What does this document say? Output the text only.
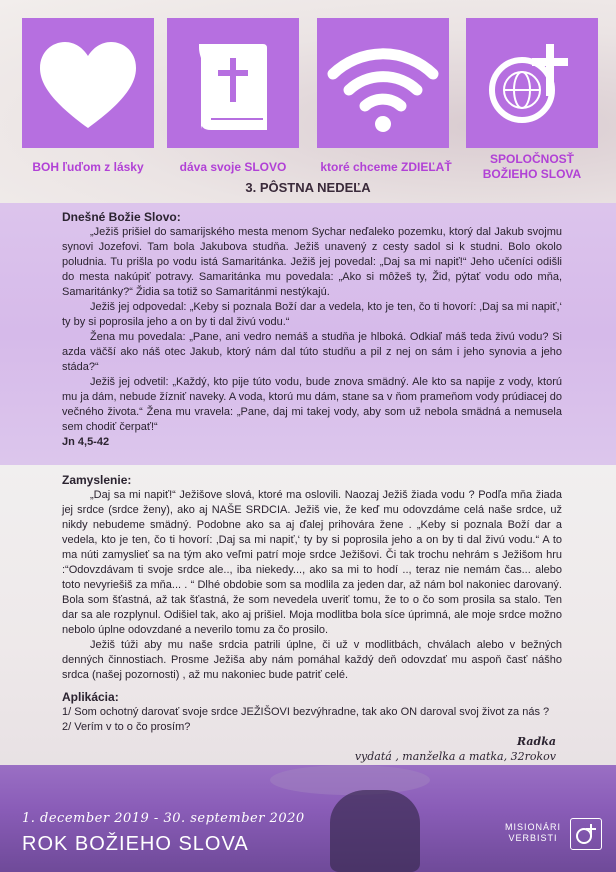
BOH ľuďom z lásky	dáva svoje SLOVO	ktoré chceme ZDIEĽAŤ
SPOLOČNOSŤ BOŽIEHO SLOVA
3. PÔSTNA NEDEĽA
Dnešné Božie Slovo:

„Ježiš prišiel do samarijského mesta menom Sychar neďaleko pozemku, ktorý dal Jakub svojmu synovi Jozefovi. Tam bola Jakubova studňa. Ježiš unavený z cesty sadol si k studni. Bolo okolo poludnia. Tu prišla po vodu istá Samaritánka. Ježiš jej povedal: „Daj sa mi napiť!“ Jeho učeníci odišli do mesta nakúpiť potravy. Samaritánka mu povedala: „Ako si môžeš ty, Žid, pýtať vodu odo mňa, Samaritánky?“ Židia sa totiž so Samaritánmi nestýkajú.

Ježiš jej odpovedal: „Keby si poznala Boží dar a vedela, kto je ten, čo ti hovorí: ‚Daj sa mi napiť,‘ ty by si poprosila jeho a on by ti dal živú vodu.“

Žena mu povedala: „Pane, ani vedro nemáš a studňa je hlboká. Odkiaľ máš teda živú vodu? Si azda väčší ako náš otec Jakub, ktorý nám dal túto studňu a pil z nej on sám i jeho synovia a jeho stáda?“

Ježiš jej odvetil: „Každý, kto pije túto vodu, bude znova smädný. Ale kto sa napije z vody, ktorú mu ja dám, nebude žízniť naveky. A voda, ktorú mu dám, stane sa v ňom prameňom vody prúdiacej do večného života.“ Žena mu vravela: „Pane, daj mi takej vody, aby som už nebola smädná a nemusela sem chodiť čerpať!“

Jn 4,5-42

Zamyslenie:

„Daj sa mi napiť!“ Ježišove slová, ktoré ma oslovili. Naozaj Ježiš žiada vodu ? Podľa mňa žiada jej srdce (srdce ženy), ako aj NAŠE SRDCIA. Ježiš vie, že keď mu odovzdáme celá naše srdce, už nikdy nebudeme smädný. Podobne ako sa aj ďalej prihovára žene . „Keby si poznala Boží dar a vedela, kto je ten, čo ti hovorí: ‚Daj sa mi napiť,‘ ty by si poprosila jeho a on by ti dal živú vodu.“ A to ma núti zamyslieť sa na tým ako veľmi patrí moje srdce Ježišovi. Či tak trochu nehrám s Ježišom hru :“Odovzdávam ti svoje srdce ale.., iba niekedy..., ako sa mi to hodí .., teraz nie nemám čas... alebo toto nevyriešiš za mňa... . “ Dlhé obdobie som sa modlila za jeden dar, až nám bol nakoniec darovaný. Bola som šťastná, až tak šťastná, že som nevedela uveriť tomu, že to o čo som prosila sa stalo. Ten dar sa ale rozplynul. Odišiel tak, ako aj prišiel. Moja modlitba bola síce úprimná, ale moje srdce možno nebolo úplne odovzdané a neverilo tomu za čo prosilo.

Ježiš túži aby mu naše srdcia patrili úplne, či už v modlitbách, chválach alebo v bežných denných činnostiach. Prosme Ježiša aby nám pomáhal každý deň odovzdať mu aspoň časť nášho srdca (našej pozornosti) , až mu nakoniec bude patriť celé.

Aplikácia:
1/ Som ochotný darovať svoje srdce JEŽIŠOVI bezvýhradne, tak ako ON daroval svoj život za nás ?
2/ Verím v to o čo prosím?
Radka
vydatá , manželka a matka, 32rokov
1. december 2019 - 30. september 2020
ROK BOŽIEHO SLOVA
MISIONÁRI
VERBISTI
